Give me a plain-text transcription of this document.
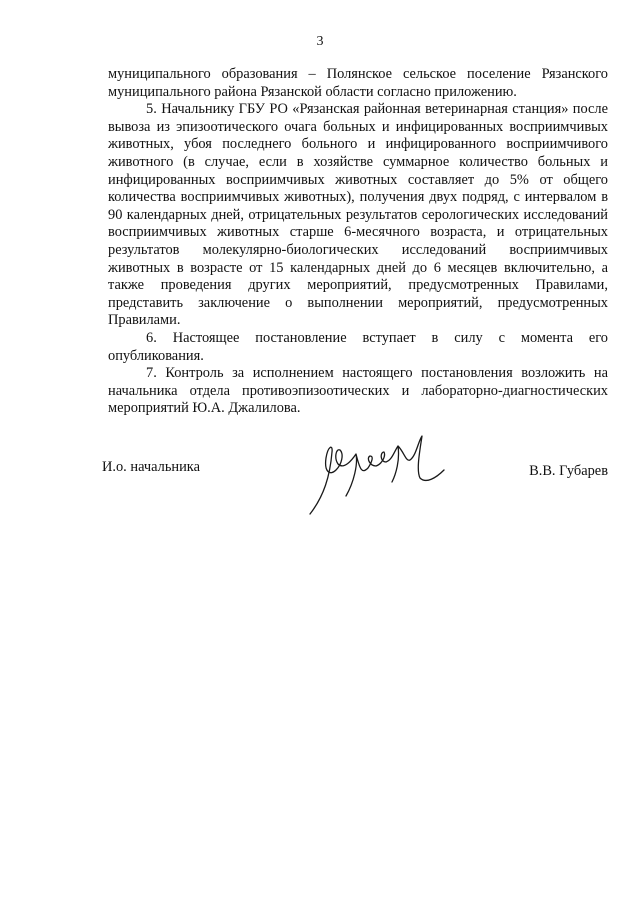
3

муниципального образования – Полянское сельское поселение Рязанского муниципального района Рязанской области согласно приложению.

5. Начальнику ГБУ РО «Рязанская районная ветеринарная станция» после вывоза из эпизоотического очага больных и инфицированных восприимчивых животных, убоя последнего больного и инфицированного восприимчивого животного (в случае, если в хозяйстве суммарное количество больных и инфицированных восприимчивых животных составляет до 5% от общего количества восприимчивых животных), получения двух подряд, с интервалом в 90 календарных дней, отрицательных результатов серологических исследований восприимчивых животных старше 6-месячного возраста, и отрицательных результатов молекулярно-биологических исследований восприимчивых животных в возрасте от 15 календарных дней до 6 месяцев включительно, а также проведения других мероприятий, предусмотренных Правилами, представить заключение о выполнении мероприятий, предусмотренных Правилами.

6. Настоящее постановление вступает в силу с момента его опубликования.

7. Контроль за исполнением настоящего постановления возложить на начальника отдела противоэпизоотических и лабораторно-диагностических мероприятий Ю.А. Джалилова.

И.о. начальника	В.В. Губарев
